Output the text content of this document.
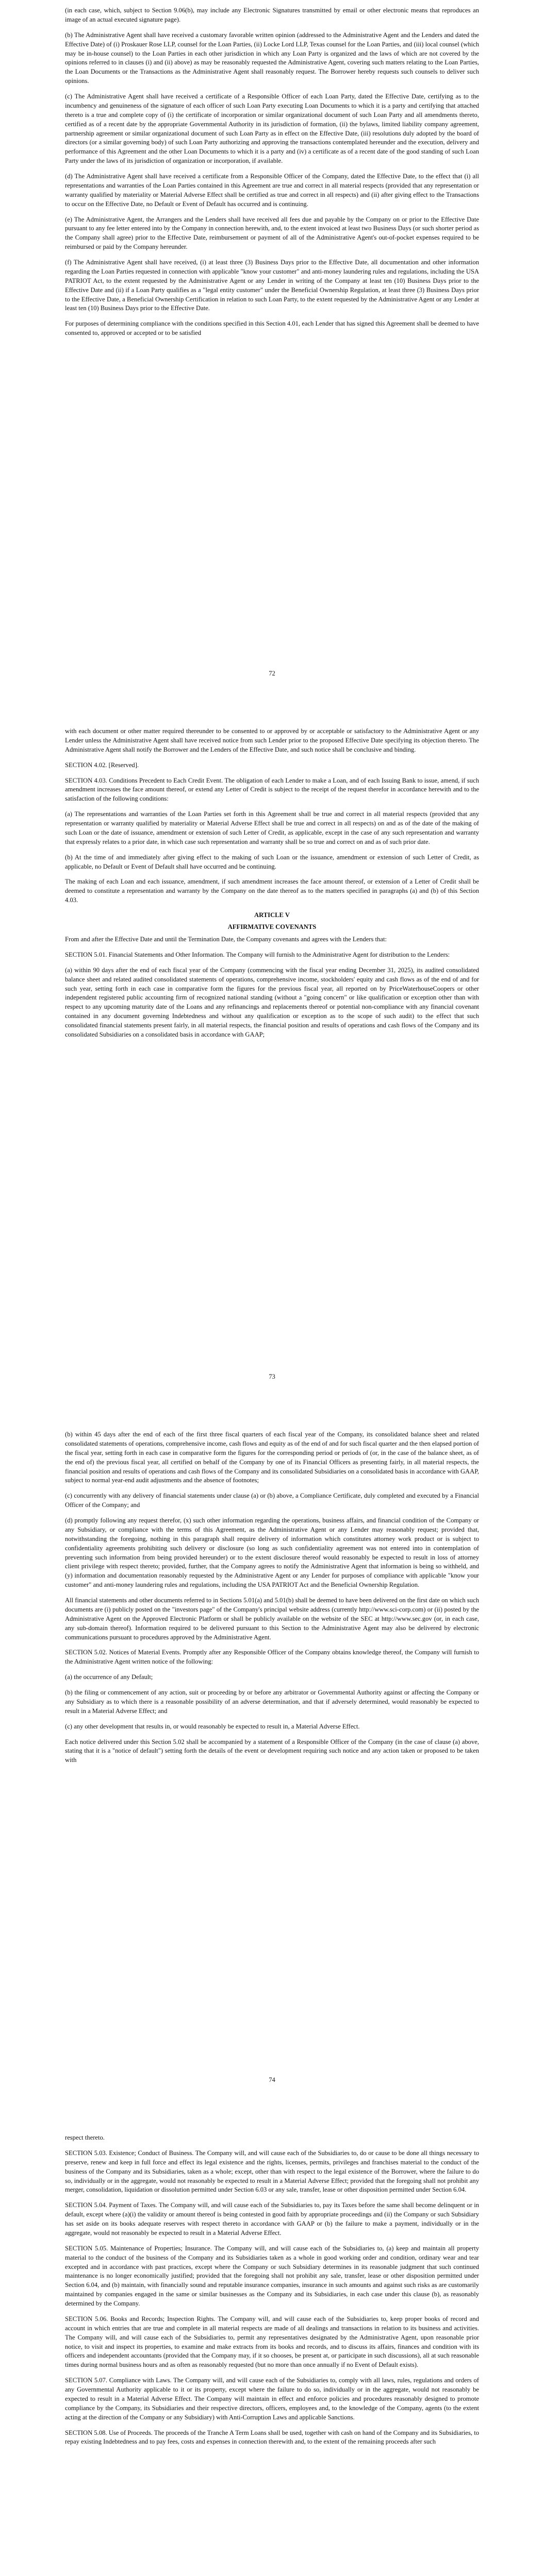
(in each case, which, subject to Section 9.06(b), may include any Electronic Signatures transmitted by email or other electronic means that reproduces an image of an actual executed signature page).

(b) The Administrative Agent shall have received a customary favorable written opinion (addressed to the Administrative Agent and the Lenders and dated the Effective Date) of (i) Proskauer Rose LLP, counsel for the Loan Parties, (ii) Locke Lord LLP, Texas counsel for the Loan Parties, and (iii) local counsel (which may be in-house counsel) to the Loan Parties in each other jurisdiction in which any Loan Party is organized and the laws of which are not covered by the opinions referred to in clauses (i) and (ii) above) as may be reasonably requested the Administrative Agent, covering such matters relating to the Loan Parties, the Loan Documents or the Transactions as the Administrative Agent shall reasonably request. The Borrower hereby requests such counsels to deliver such opinions.

(c) The Administrative Agent shall have received a certificate of a Responsible Officer of each Loan Party, dated the Effective Date, certifying as to the incumbency and genuineness of the signature of each officer of such Loan Party executing Loan Documents to which it is a party and certifying that attached thereto is a true and complete copy of (i) the certificate of incorporation or similar organizational document of such Loan Party and all amendments thereto, certified as of a recent date by the appropriate Governmental Authority in its jurisdiction of formation, (ii) the bylaws, limited liability company agreement, partnership agreement or similar organizational document of such Loan Party as in effect on the Effective Date, (iii) resolutions duly adopted by the board of directors (or a similar governing body) of such Loan Party authorizing and approving the transactions contemplated hereunder and the execution, delivery and performance of this Agreement and the other Loan Documents to which it is a party and (iv) a certificate as of a recent date of the good standing of such Loan Party under the laws of its jurisdiction of organization or incorporation, if available.

(d) The Administrative Agent shall have received a certificate from a Responsible Officer of the Company, dated the Effective Date, to the effect that (i) all representations and warranties of the Loan Parties contained in this Agreement are true and correct in all material respects (provided that any representation or warranty qualified by materiality or Material Adverse Effect shall be certified as true and correct in all respects) and (ii) after giving effect to the Transactions to occur on the Effective Date, no Default or Event of Default has occurred and is continuing.

(e) The Administrative Agent, the Arrangers and the Lenders shall have received all fees due and payable by the Company on or prior to the Effective Date pursuant to any fee letter entered into by the Company in connection herewith, and, to the extent invoiced at least two Business Days (or such shorter period as the Company shall agree) prior to the Effective Date, reimbursement or payment of all of the Administrative Agent's out-of-pocket expenses required to be reimbursed or paid by the Company hereunder.

(f) The Administrative Agent shall have received, (i) at least three (3) Business Days prior to the Effective Date, all documentation and other information regarding the Loan Parties requested in connection with applicable "know your customer" and anti-money laundering rules and regulations, including the USA PATRIOT Act, to the extent requested by the Administrative Agent or any Lender in writing of the Company at least ten (10) Business Days prior to the Effective Date and (ii) if a Loan Party qualifies as a "legal entity customer" under the Beneficial Ownership Regulation, at least three (3) Business Days prior to the Effective Date, a Beneficial Ownership Certification in relation to such Loan Party, to the extent requested by the Administrative Agent or any Lender at least ten (10) Business Days prior to the Effective Date.

For purposes of determining compliance with the conditions specified in this Section 4.01, each Lender that has signed this Agreement shall be deemed to have consented to, approved or accepted or to be satisfied

72

with each document or other matter required thereunder to be consented to or approved by or acceptable or satisfactory to the Administrative Agent or any Lender unless the Administrative Agent shall have received notice from such Lender prior to the proposed Effective Date specifying its objection thereto. The Administrative Agent shall notify the Borrower and the Lenders of the Effective Date, and such notice shall be conclusive and binding.

SECTION 4.02. [Reserved].

SECTION 4.03. Conditions Precedent to Each Credit Event. The obligation of each Lender to make a Loan, and of each Issuing Bank to issue, amend, if such amendment increases the face amount thereof, or extend any Letter of Credit is subject to the receipt of the request therefor in accordance herewith and to the satisfaction of the following conditions:

(a) The representations and warranties of the Loan Parties set forth in this Agreement shall be true and correct in all material respects (provided that any representation or warranty qualified by materiality or Material Adverse Effect shall be true and correct in all respects) on and as of the date of the making of such Loan or the date of issuance, amendment or extension of such Letter of Credit, as applicable, except in the case of any such representation and warranty that expressly relates to a prior date, in which case such representation and warranty shall be so true and correct on and as of such prior date.

(b) At the time of and immediately after giving effect to the making of such Loan or the issuance, amendment or extension of such Letter of Credit, as applicable, no Default or Event of Default shall have occurred and be continuing.

The making of each Loan and each issuance, amendment, if such amendment increases the face amount thereof, or extension of a Letter of Credit shall be deemed to constitute a representation and warranty by the Company on the date thereof as to the matters specified in paragraphs (a) and (b) of this Section 4.03.

ARTICLE V

AFFIRMATIVE COVENANTS

From and after the Effective Date and until the Termination Date, the Company covenants and agrees with the Lenders that:

SECTION 5.01. Financial Statements and Other Information. The Company will furnish to the Administrative Agent for distribution to the Lenders:

(a) within 90 days after the end of each fiscal year of the Company (commencing with the fiscal year ending December 31, 2025), its audited consolidated balance sheet and related audited consolidated statements of operations, comprehensive income, stockholders' equity and cash flows as of the end of and for such year, setting forth in each case in comparative form the figures for the previous fiscal year, all reported on by PriceWaterhouseCoopers or other independent registered public accounting firm of recognized national standing (without a "going concern" or like qualification or exception other than with respect to any upcoming maturity date of the Loans and any refinancings and replacements thereof or potential non-compliance with any financial covenant contained in any document governing Indebtedness and without any qualification or exception as to the scope of such audit) to the effect that such consolidated financial statements present fairly, in all material respects, the financial position and results of operations and cash flows of the Company and its consolidated Subsidiaries on a consolidated basis in accordance with GAAP;

73

(b) within 45 days after the end of each of the first three fiscal quarters of each fiscal year of the Company, its consolidated balance sheet and related consolidated statements of operations, comprehensive income, cash flows and equity as of the end of and for such fiscal quarter and the then elapsed portion of the fiscal year, setting forth in each case in comparative form the figures for the corresponding period or periods of (or, in the case of the balance sheet, as of the end of) the previous fiscal year, all certified on behalf of the Company by one of its Financial Officers as presenting fairly, in all material respects, the financial position and results of operations and cash flows of the Company and its consolidated Subsidiaries on a consolidated basis in accordance with GAAP, subject to normal year-end audit adjustments and the absence of footnotes;

(c) concurrently with any delivery of financial statements under clause (a) or (b) above, a Compliance Certificate, duly completed and executed by a Financial Officer of the Company; and

(d) promptly following any request therefor, (x) such other information regarding the operations, business affairs, and financial condition of the Company or any Subsidiary, or compliance with the terms of this Agreement, as the Administrative Agent or any Lender may reasonably request; provided that, notwithstanding the foregoing, nothing in this paragraph shall require delivery of information which constitutes attorney work product or is subject to confidentiality agreements prohibiting such delivery or disclosure (so long as such confidentiality agreement was not entered into in contemplation of preventing such information from being provided hereunder) or to the extent disclosure thereof would reasonably be expected to result in loss of attorney client privilege with respect thereto; provided, further, that the Company agrees to notify the Administrative Agent that information is being so withheld, and (y) information and documentation reasonably requested by the Administrative Agent or any Lender for purposes of compliance with applicable "know your customer" and anti-money laundering rules and regulations, including the USA PATRIOT Act and the Beneficial Ownership Regulation.

All financial statements and other documents referred to in Sections 5.01(a) and 5.01(b) shall be deemed to have been delivered on the first date on which such documents are (i) publicly posted on the "investors page" of the Company's principal website address (currently http://www.sci-corp.com) or (ii) posted by the Administrative Agent on the Approved Electronic Platform or shall be publicly available on the website of the SEC at http://www.sec.gov (or, in each case, any sub-domain thereof). Information required to be delivered pursuant to this Section to the Administrative Agent may also be delivered by electronic communications pursuant to procedures approved by the Administrative Agent.

SECTION 5.02. Notices of Material Events. Promptly after any Responsible Officer of the Company obtains knowledge thereof, the Company will furnish to the Administrative Agent written notice of the following:

(a) the occurrence of any Default;

(b) the filing or commencement of any action, suit or proceeding by or before any arbitrator or Governmental Authority against or affecting the Company or any Subsidiary as to which there is a reasonable possibility of an adverse determination, and that if adversely determined, would reasonably be expected to result in a Material Adverse Effect; and

(c) any other development that results in, or would reasonably be expected to result in, a Material Adverse Effect.

Each notice delivered under this Section 5.02 shall be accompanied by a statement of a Responsible Officer of the Company (in the case of clause (a) above, stating that it is a "notice of default") setting forth the details of the event or development requiring such notice and any action taken or proposed to be taken with

74

respect thereto.

SECTION 5.03. Existence; Conduct of Business. The Company will, and will cause each of the Subsidiaries to, do or cause to be done all things necessary to preserve, renew and keep in full force and effect its legal existence and the rights, licenses, permits, privileges and franchises material to the conduct of the business of the Company and its Subsidiaries, taken as a whole; except, other than with respect to the legal existence of the Borrower, where the failure to do so, individually or in the aggregate, would not reasonably be expected to result in a Material Adverse Effect; provided that the foregoing shall not prohibit any merger, consolidation, liquidation or dissolution permitted under Section 6.03 or any sale, transfer, lease or other disposition permitted under Section 6.04.

SECTION 5.04. Payment of Taxes. The Company will, and will cause each of the Subsidiaries to, pay its Taxes before the same shall become delinquent or in default, except where (a)(i) the validity or amount thereof is being contested in good faith by appropriate proceedings and (ii) the Company or such Subsidiary has set aside on its books adequate reserves with respect thereto in accordance with GAAP or (b) the failure to make a payment, individually or in the aggregate, would not reasonably be expected to result in a Material Adverse Effect.

SECTION 5.05. Maintenance of Properties; Insurance. The Company will, and will cause each of the Subsidiaries to, (a) keep and maintain all property material to the conduct of the business of the Company and its Subsidiaries taken as a whole in good working order and condition, ordinary wear and tear excepted and in accordance with past practices, except where the Company or such Subsidiary determines in its reasonable judgment that such continued maintenance is no longer economically justified; provided that the foregoing shall not prohibit any sale, transfer, lease or other disposition permitted under Section 6.04, and (b) maintain, with financially sound and reputable insurance companies, insurance in such amounts and against such risks as are customarily maintained by companies engaged in the same or similar businesses as the Company and its Subsidiaries, in each case under this clause (b), as reasonably determined by the Company.

SECTION 5.06. Books and Records; Inspection Rights. The Company will, and will cause each of the Subsidiaries to, keep proper books of record and account in which entries that are true and complete in all material respects are made of all dealings and transactions in relation to its business and activities. The Company will, and will cause each of the Subsidiaries to, permit any representatives designated by the Administrative Agent, upon reasonable prior notice, to visit and inspect its properties, to examine and make extracts from its books and records, and to discuss its affairs, finances and condition with its officers and independent accountants (provided that the Company may, if it so chooses, be present at, or participate in such discussions), all at such reasonable times during normal business hours and as often as reasonably requested (but no more than once annually if no Event of Default exists).

SECTION 5.07. Compliance with Laws. The Company will, and will cause each of the Subsidiaries to, comply with all laws, rules, regulations and orders of any Governmental Authority applicable to it or its property, except where the failure to do so, individually or in the aggregate, would not reasonably be expected to result in a Material Adverse Effect. The Company will maintain in effect and enforce policies and procedures reasonably designed to promote compliance by the Company, its Subsidiaries and their respective directors, officers, employees and, to the knowledge of the Company, agents (to the extent acting at the direction of the Company or any Subsidiary) with Anti-Corruption Laws and applicable Sanctions.

SECTION 5.08. Use of Proceeds. The proceeds of the Tranche A Term Loans shall be used, together with cash on hand of the Company and its Subsidiaries, to repay existing Indebtedness and to pay fees, costs and expenses in connection therewith and, to the extent of the remaining proceeds after such
